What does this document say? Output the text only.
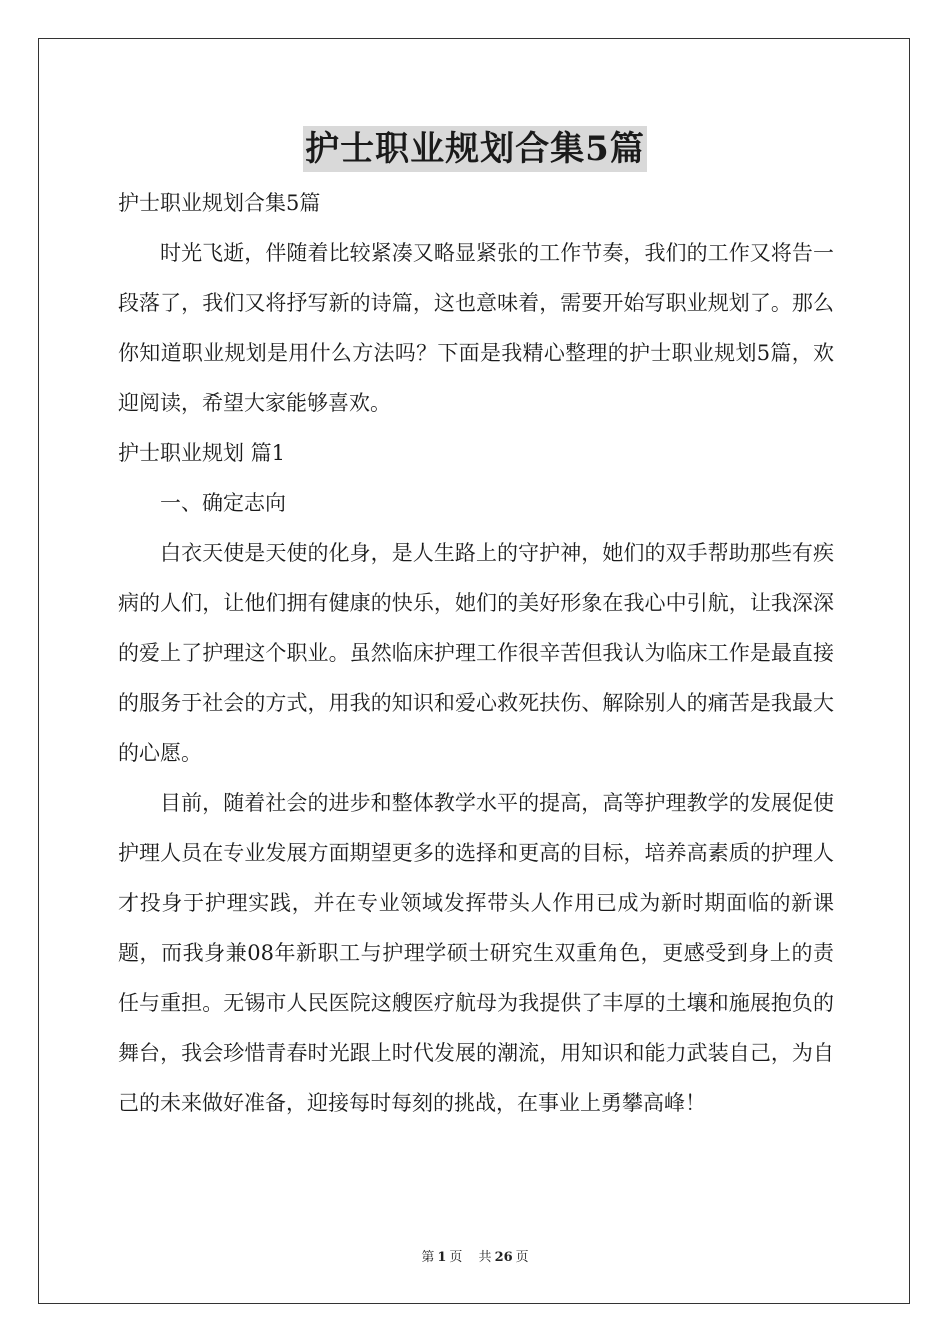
护士职业规划合集5篇

护士职业规划合集5篇

时光飞逝，伴随着比较紧凑又略显紧张的工作节奏，我们的工作又将告一段落了，我们又将抒写新的诗篇，这也意味着，需要开始写职业规划了。那么你知道职业规划是用什么方法吗？下面是我精心整理的护士职业规划5篇，欢迎阅读，希望大家能够喜欢。

护士职业规划 篇1

一、确定志向

白衣天使是天使的化身，是人生路上的守护神，她们的双手帮助那些有疾病的人们，让他们拥有健康的快乐，她们的美好形象在我心中引航，让我深深的爱上了护理这个职业。虽然临床护理工作很辛苦但我认为临床工作是最直接的服务于社会的方式，用我的知识和爱心救死扶伤、解除别人的痛苦是我最大的心愿。

目前，随着社会的进步和整体教学水平的提高，高等护理教学的发展促使护理人员在专业发展方面期望更多的选择和更高的目标，培养高素质的护理人才投身于护理实践，并在专业领域发挥带头人作用已成为新时期面临的新课题，而我身兼08年新职工与护理学硕士研究生双重角色，更感受到身上的责任与重担。无锡市人民医院这艘医疗航母为我提供了丰厚的土壤和施展抱负的舞台，我会珍惜青春时光跟上时代发展的潮流，用知识和能力武装自己，为自己的未来做好准备，迎接每时每刻的挑战，在事业上勇攀高峰！

第 1 页 共 26 页
